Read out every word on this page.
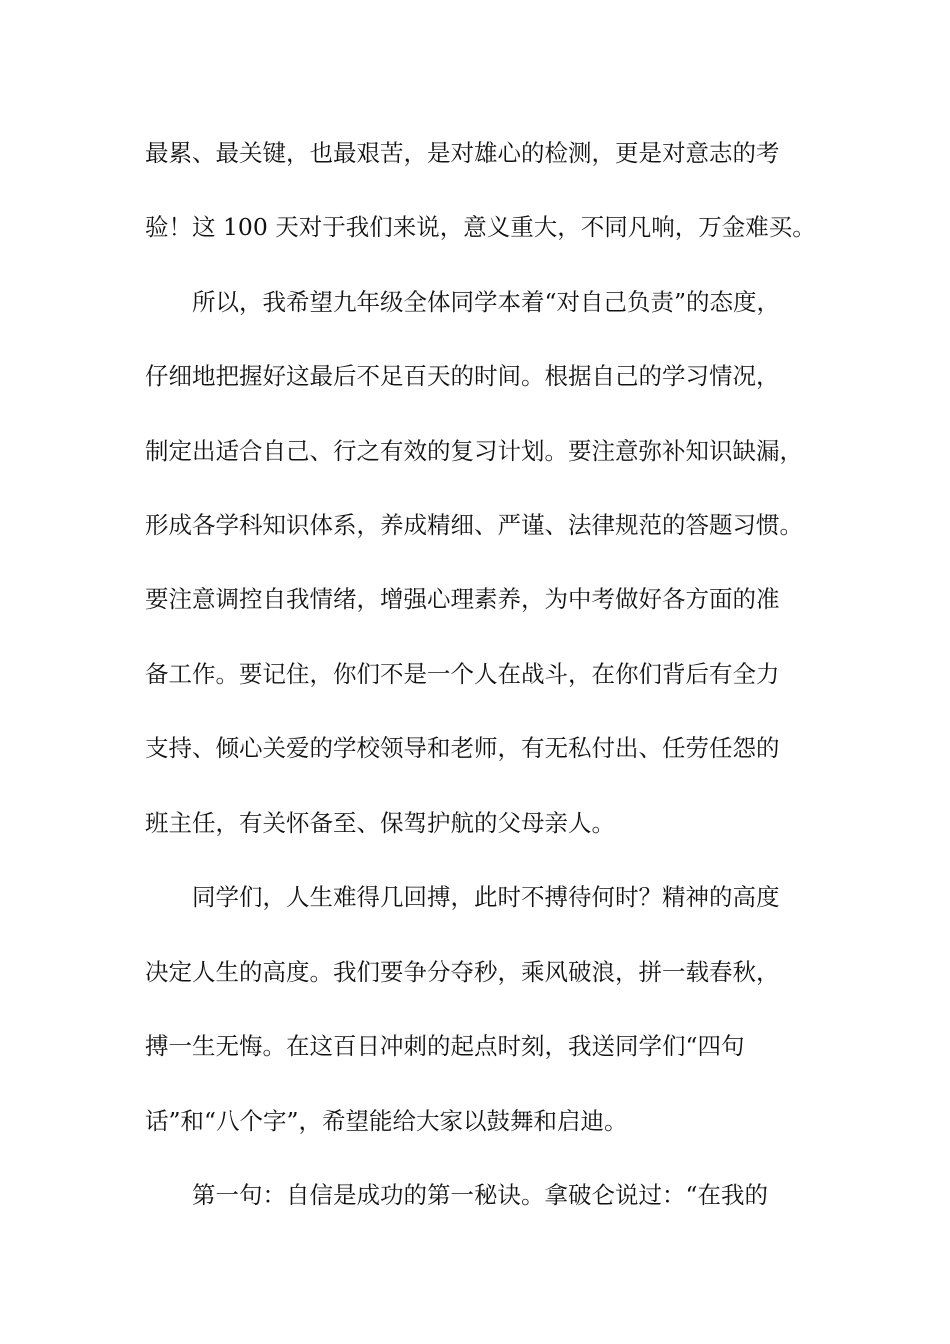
最累、最关键，也最艰苦，是对雄心的检测，更是对意志的考
验！这 100 天对于我们来说，意义重大，不同凡响，万金难买。
　　所以，我希望九年级全体同学本着“对自己负责”的态度，
仔细地把握好这最后不足百天的时间。根据自己的学习情况，
制定出适合自己、行之有效的复习计划。要注意弥补知识缺漏，
形成各学科知识体系，养成精细、严谨、法律规范的答题习惯。
要注意调控自我情绪，增强心理素养，为中考做好各方面的准
备工作。要记住，你们不是一个人在战斗，在你们背后有全力
支持、倾心关爱的学校领导和老师，有无私付出、任劳任怨的
班主任，有关怀备至、保驾护航的父母亲人。
　　同学们，人生难得几回搏，此时不搏待何时？精神的高度
决定人生的高度。我们要争分夺秒，乘风破浪，拼一载春秋，
搏一生无悔。在这百日冲刺的起点时刻，我送同学们“四句
话”和“八个字”，希望能给大家以鼓舞和启迪。
　　第一句：自信是成功的第一秘诀。拿破仑说过：“在我的
